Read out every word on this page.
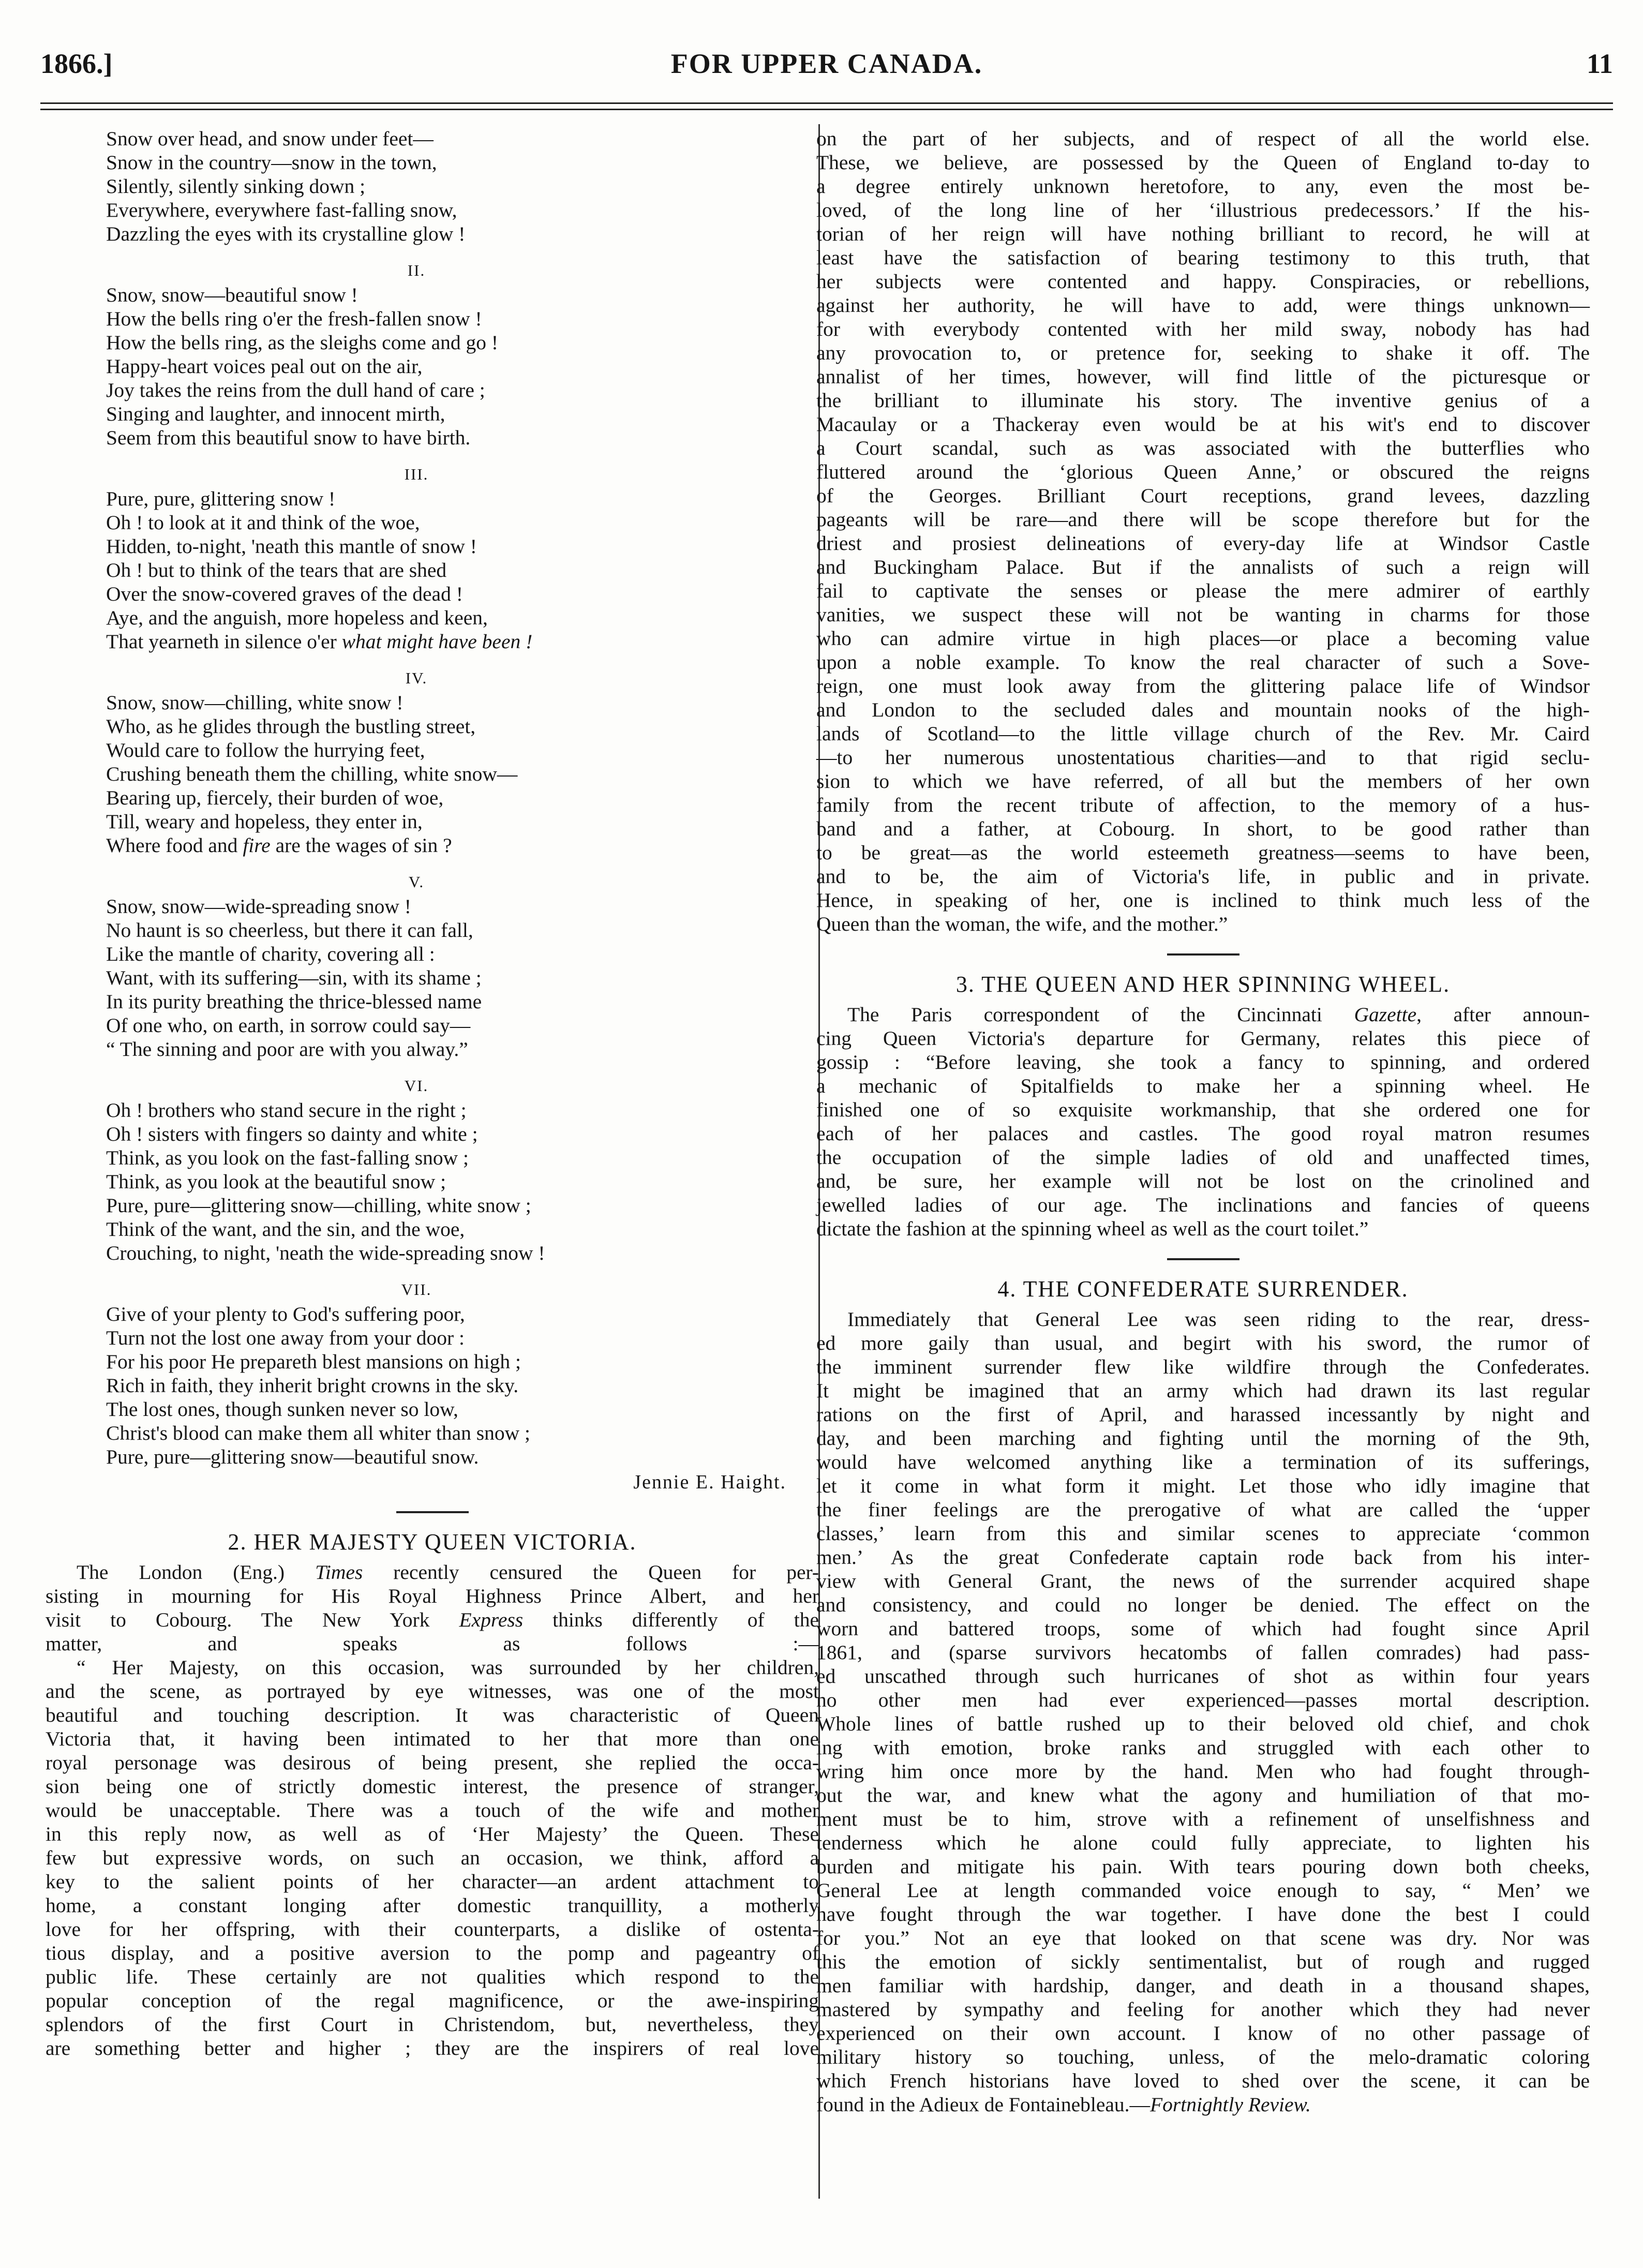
1866.]	FOR UPPER CANADA.	11
Snow over head, and snow under feet—
Snow in the country—snow in the town,
Silently, silently sinking down ;
Everywhere, everywhere fast-falling snow,
Dazzling the eyes with its crystalline glow !
II.
Snow, snow—beautiful snow !
How the bells ring o'er the fresh-fallen snow !
How the bells ring, as the sleighs come and go !
Happy-heart voices peal out on the air,
Joy takes the reins from the dull hand of care ;
Singing and laughter, and innocent mirth,
Seem from this beautiful snow to have birth.
III.
Pure, pure, glittering snow !
Oh ! to look at it and think of the woe,
Hidden, to-night, 'neath this mantle of snow !
Oh ! but to think of the tears that are shed
Over the snow-covered graves of the dead !
Aye, and the anguish, more hopeless and keen,
That yearneth in silence o'er what might have been !
IV.
Snow, snow—chilling, white snow !
Who, as he glides through the bustling street,
Would care to follow the hurrying feet,
Crushing beneath them the chilling, white snow—
Bearing up, fiercely, their burden of woe,
Till, weary and hopeless, they enter in,
Where food and fire are the wages of sin ?
V.
Snow, snow—wide-spreading snow !
No haunt is so cheerless, but there it can fall,
Like the mantle of charity, covering all :
Want, with its suffering—sin, with its shame ;
In its purity breathing the thrice-blessed name
Of one who, on earth, in sorrow could say—
“ The sinning and poor are with you alway.”
VI.
Oh ! brothers who stand secure in the right ;
Oh ! sisters with fingers so dainty and white ;
Think, as you look on the fast-falling snow ;
Think, as you look at the beautiful snow ;
Pure, pure—glittering snow—chilling, white snow ;
Think of the want, and the sin, and the woe,
Crouching, to night, 'neath the wide-spreading snow !
VII.
Give of your plenty to God's suffering poor,
Turn not the lost one away from your door :
For his poor He prepareth blest mansions on high ;
Rich in faith, they inherit bright crowns in the sky.
The lost ones, though sunken never so low,
Christ's blood can make them all whiter than snow ;
Pure, pure—glittering snow—beautiful snow.
Jennie E. Haight.
2. HER MAJESTY QUEEN VICTORIA.
The London (Eng.) Times recently censured the Queen for per-
sisting in mourning for His Royal Highness Prince Albert, and her
visit to Cobourg. The New York Express thinks differently of the
matter, and speaks as follows :—
“ Her Majesty, on this occasion, was surrounded by her children,
and the scene, as portrayed by eye witnesses, was one of the most
beautiful and touching description. It was characteristic of Queen
Victoria that, it having been intimated to her that more than one
royal personage was desirous of being present, she replied the occa-
sion being one of strictly domestic interest, the presence of stranger,
would be unacceptable. There was a touch of the wife and mother
in this reply now, as well as of ‘Her Majesty’ the Queen. These
few but expressive words, on such an occasion, we think, afford a
key to the salient points of her character—an ardent attachment to
home, a constant longing after domestic tranquillity, a motherly
love for her offspring, with their counterparts, a dislike of ostenta-
tious display, and a positive aversion to the pomp and pageantry of
public life. These certainly are not qualities which respond to the
popular conception of the regal magnificence, or the awe-inspiring
splendors of the first Court in Christendom, but, nevertheless, they
are something better and higher ; they are the inspirers of real love
on the part of her subjects, and of respect of all the world else.
These, we believe, are possessed by the Queen of England to-day to
a degree entirely unknown heretofore, to any, even the most be-
loved, of the long line of her ‘illustrious predecessors.’ If the his-
torian of her reign will have nothing brilliant to record, he will at
least have the satisfaction of bearing testimony to this truth, that
her subjects were contented and happy. Conspiracies, or rebellions,
against her authority, he will have to add, were things unknown—
for with everybody contented with her mild sway, nobody has had
any provocation to, or pretence for, seeking to shake it off. The
annalist of her times, however, will find little of the picturesque or
the brilliant to illuminate his story. The inventive genius of a
Macaulay or a Thackeray even would be at his wit's end to discover
a Court scandal, such as was associated with the butterflies who
fluttered around the ‘glorious Queen Anne,’ or obscured the reigns
of the Georges. Brilliant Court receptions, grand levees, dazzling
pageants will be rare—and there will be scope therefore but for the
driest and prosiest delineations of every-day life at Windsor Castle
and Buckingham Palace. But if the annalists of such a reign will
fail to captivate the senses or please the mere admirer of earthly
vanities, we suspect these will not be wanting in charms for those
who can admire virtue in high places—or place a becoming value
upon a noble example. To know the real character of such a Sove-
reign, one must look away from the glittering palace life of Windsor
and London to the secluded dales and mountain nooks of the high-
lands of Scotland—to the little village church of the Rev. Mr. Caird
—to her numerous unostentatious charities—and to that rigid seclu-
sion to which we have referred, of all but the members of her own
family from the recent tribute of affection, to the memory of a hus-
band and a father, at Cobourg. In short, to be good rather than
to be great—as the world esteemeth greatness—seems to have been,
and to be, the aim of Victoria's life, in public and in private.
Hence, in speaking of her, one is inclined to think much less of the
Queen than the woman, the wife, and the mother.”
3. THE QUEEN AND HER SPINNING WHEEL.
The Paris correspondent of the Cincinnati Gazette, after announ-
cing Queen Victoria's departure for Germany, relates this piece of
gossip : “Before leaving, she took a fancy to spinning, and ordered
a mechanic of Spitalfields to make her a spinning wheel. He
finished one of so exquisite workmanship, that she ordered one for
each of her palaces and castles. The good royal matron resumes
the occupation of the simple ladies of old and unaffected times,
and, be sure, her example will not be lost on the crinolined and
jewelled ladies of our age. The inclinations and fancies of queens
dictate the fashion at the spinning wheel as well as the court toilet.”
4. THE CONFEDERATE SURRENDER.
Immediately that General Lee was seen riding to the rear, dress-
ed more gaily than usual, and begirt with his sword, the rumor of
the imminent surrender flew like wildfire through the Confederates.
It might be imagined that an army which had drawn its last regular
rations on the first of April, and harassed incessantly by night and
day, and been marching and fighting until the morning of the 9th,
would have welcomed anything like a termination of its sufferings,
let it come in what form it might. Let those who idly imagine that
the finer feelings are the prerogative of what are called the ‘upper
classes,’ learn from this and similar scenes to appreciate ‘common
men.’ As the great Confederate captain rode back from his inter-
view with General Grant, the news of the surrender acquired shape
and consistency, and could no longer be denied. The effect on the
worn and battered troops, some of which had fought since April
1861, and (sparse survivors hecatombs of fallen comrades) had pass-
ed unscathed through such hurricanes of shot as within four years
no other men had ever experienced—passes mortal description.
Whole lines of battle rushed up to their beloved old chief, and chok
ing with emotion, broke ranks and struggled with each other to
wring him once more by the hand. Men who had fought through-
out the war, and knew what the agony and humiliation of that mo-
ment must be to him, strove with a refinement of unselfishness and
tenderness which he alone could fully appreciate, to lighten his
burden and mitigate his pain. With tears pouring down both cheeks,
General Lee at length commanded voice enough to say, “ Men’ we
have fought through the war together. I have done the best I could
for you.” Not an eye that looked on that scene was dry. Nor was
this the emotion of sickly sentimentalist, but of rough and rugged
men familiar with hardship, danger, and death in a thousand shapes,
mastered by sympathy and feeling for another which they had never
experienced on their own account. I know of no other passage of
military history so touching, unless, of the melo-dramatic coloring
which French historians have loved to shed over the scene, it can be
found in the Adieux de Fontainebleau.—Fortnightly Review.
